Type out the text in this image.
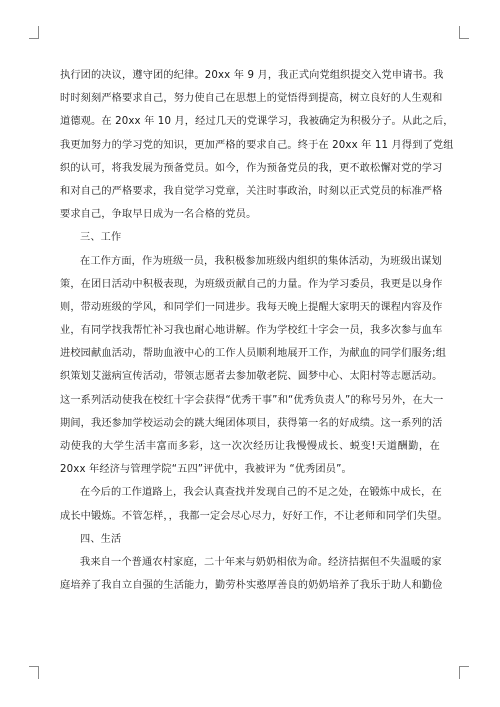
执行团的决议，遵守团的纪律。20xx 年 9 月，我正式向党组织提交入党申请书。我
时时刻刻严格要求自己，努力使自己在思想上的觉悟得到提高，树立良好的人生观和
道德观。在 20xx 年 10 月，经过几天的党课学习，我被确定为积极分子。从此之后，
我更加努力的学习党的知识，更加严格的要求自己。终于在 20xx 年 11 月得到了党组
织的认可，将我发展为预备党员。如今，作为预备党员的我，更不敢松懈对党的学习
和对自己的严格要求，我自觉学习党章，关注时事政治，时刻以正式党员的标准严格
要求自己，争取早日成为一名合格的党员。
三、工作
在工作方面，作为班级一员，我积极参加班级内组织的集体活动，为班级出谋划
策，在团日活动中积极表现，为班级贡献自己的力量。作为学习委员，我更是以身作
则，带动班级的学风，和同学们一同进步。我每天晚上提醒大家明天的课程内容及作
业，有同学找我帮忙补习我也耐心地讲解。作为学校红十字会一员，我多次参与血车
进校园献血活动，帮助血液中心的工作人员顺利地展开工作，为献血的同学们服务;组
织策划艾滋病宣传活动，带领志愿者去参加敬老院、圆梦中心、太阳村等志愿活动。
这一系列活动使我在校红十字会获得“优秀干事”和“优秀负责人”的称号另外，在大一
期间，我还参加学校运动会的跳大绳团体项目，获得第一名的好成绩。这一系列的活
动使我的大学生活丰富而多彩，这一次次经历让我慢慢成长、蜕变!天道酬勤，在
20xx 年经济与管理学院“五四”评优中，我被评为 “优秀团员”。
在今后的工作道路上，我会认真查找并发现自己的不足之处，在锻炼中成长，在
成长中锻炼。不管怎样，，我都一定会尽心尽力，好好工作，不让老师和同学们失望。
四、生活
我来自一个普通农村家庭，二十年来与奶奶相依为命。经济拮据但不失温暖的家
庭培养了我自立自强的生活能力，勤劳朴实憨厚善良的奶奶培养了我乐于助人和勤俭
